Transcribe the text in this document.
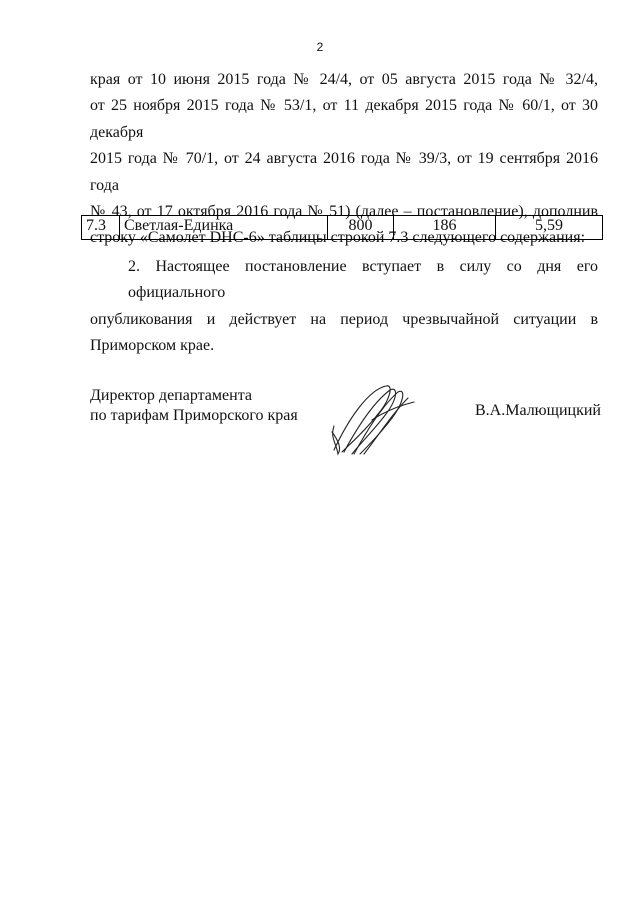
2
края от 10 июня 2015 года № 24/4, от 05 августа 2015 года № 32/4,
от 25 ноября 2015 года № 53/1, от 11 декабря 2015 года № 60/1, от 30 декабря
2015 года № 70/1, от 24 августа 2016 года № 39/3, от 19 сентября 2016 года
№ 43, от 17 октября 2016 года № 51) (далее – постановление), дополнив
строку «Самолет DHC-6» таблицы строкой 7.3 следующего содержания:
7.3	Светлая-Единка	800	186	5,59
2. Настоящее постановление вступает в силу со дня его официального
опубликования и действует на период чрезвычайной ситуации в
Приморском крае.
Директор департамента
по тарифам Приморского края	В.А.Малющицкий
